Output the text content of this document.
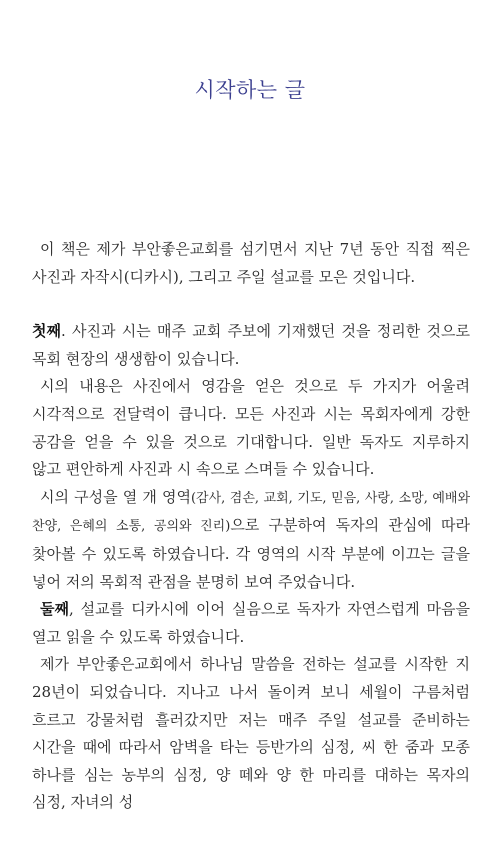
시작하는 글

이 책은 제가 부안좋은교회를 섬기면서 지난 7년 동안 직접 찍은 사진과 자작시(디카시), 그리고 주일 설교를 모은 것입니다.

첫째. 사진과 시는 매주 교회 주보에 기재했던 것을 정리한 것으로 목회 현장의 생생함이 있습니다.

시의 내용은 사진에서 영감을 얻은 것으로 두 가지가 어울려 시각적으로 전달력이 큽니다. 모든 사진과 시는 목회자에게 강한 공감을 얻을 수 있을 것으로 기대합니다. 일반 독자도 지루하지 않고 편안하게 사진과 시 속으로 스며들 수 있습니다.

시의 구성을 열 개 영역(감사, 겸손, 교회, 기도, 믿음, 사랑, 소망, 예배와 찬양, 은혜의 소통, 공의와 진리)으로 구분하여 독자의 관심에 따라 찾아볼 수 있도록 하였습니다. 각 영역의 시작 부분에 이끄는 글을 넣어 저의 목회적 관점을 분명히 보여 주었습니다.

둘째, 설교를 디카시에 이어 실음으로 독자가 자연스럽게 마음을 열고 읽을 수 있도록 하였습니다.

제가 부안좋은교회에서 하나님 말씀을 전하는 설교를 시작한 지 28년이 되었습니다. 지나고 나서 돌이켜 보니 세월이 구름처럼 흐르고 강물처럼 흘러갔지만 저는 매주 주일 설교를 준비하는 시간을 때에 따라서 암벽을 타는 등반가의 심정, 씨 한 줌과 모종 하나를 심는 농부의 심정, 양 떼와 양 한 마리를 대하는 목자의 심정, 자녀의 성
